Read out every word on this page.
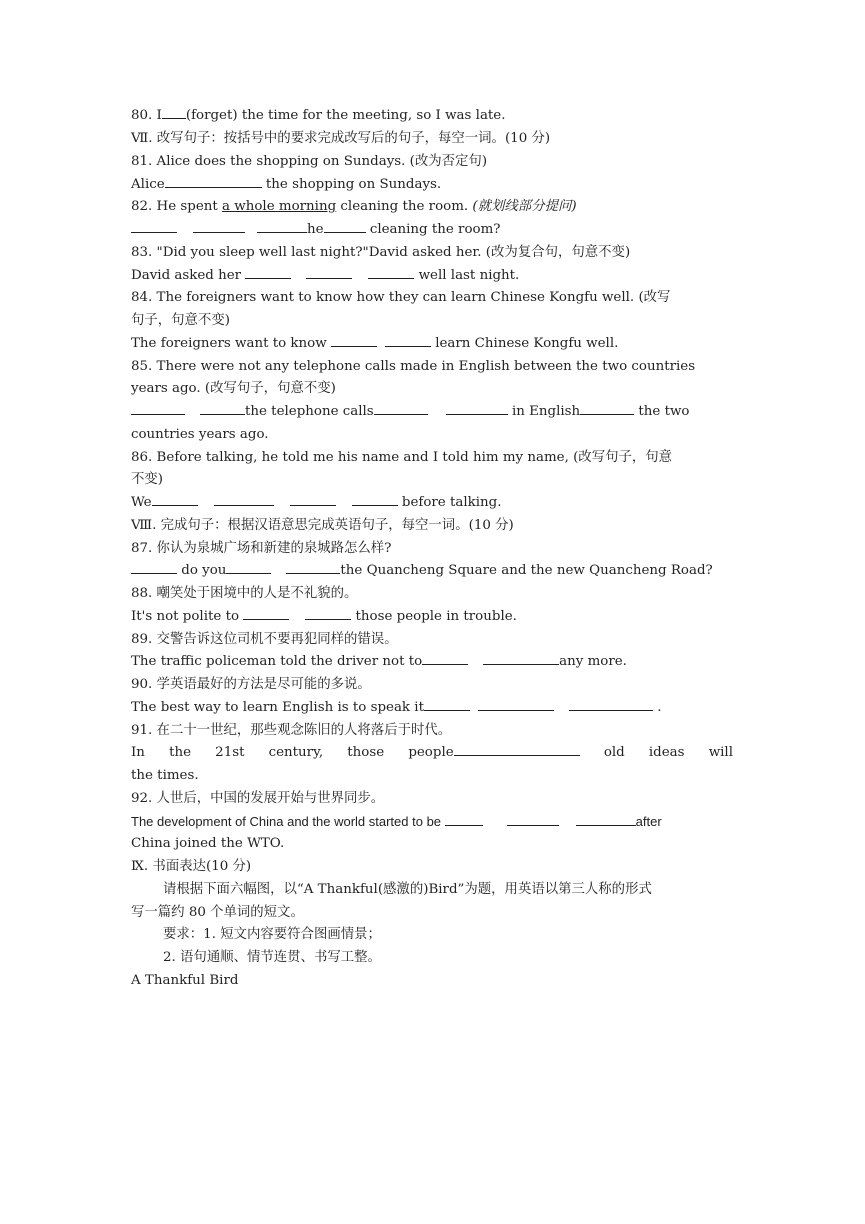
80. I (forget) the time for the meeting, so I was late.
Ⅶ. 改写句子：按括号中的要求完成改写后的句子，每空一词。(10 分)
81. Alice does the shopping on Sundays. (改为否定句)
Alice	the shopping on Sundays.
82. He spent a whole morning cleaning the room. (就划线部分提问)
he	cleaning the room?
83. "Did you sleep well last night?"David asked her. (改为复合句，句意不变)
David asked her	well last night.
84. The foreigners want to know how they can learn Chinese Kongfu well. (改写
句子，句意不变)
The foreigners want to know	learn Chinese Kongfu well.
85. There were not any telephone calls made in English between the two countries
years ago. (改写句子，句意不变)
the telephone calls	in English	the two
countries years ago.
86. Before talking, he told me his name and I told him my name, (改写句子，句意
不变)
We	before talking.
Ⅷ. 完成句子：根据汉语意思完成英语句子，每空一词。(10 分)
87. 你认为泉城广场和新建的泉城路怎么样?
do you	the Quancheng Square and the new Quancheng Road?
88. 嘲笑处于困境中的人是不礼貌的。
It's not polite to	those people in trouble.
89. 交警告诉这位司机不要再犯同样的错误。
The traffic policeman told the driver not to	any more.
90. 学英语最好的方法是尽可能的多说。
The best way to learn English is to speak it	.
91. 在二十一世纪，那些观念陈旧的人将落后于时代。
In the 21st century, those people	old ideas will
the times.
92. 人世后，中国的发展开始与世界同步。
The development of China and the world started to be	after
China joined the WTO.
Ⅸ. 书面表达(10 分)
请根据下面六幅图，以“A Thankful(感激的)Bird”为题，用英语以第三人称的形式
写一篇约 80 个单词的短文。
要求：1. 短文内容要符合图画情景；
2. 语句通顺、情节连贯、书写工整。
A Thankful Bird
